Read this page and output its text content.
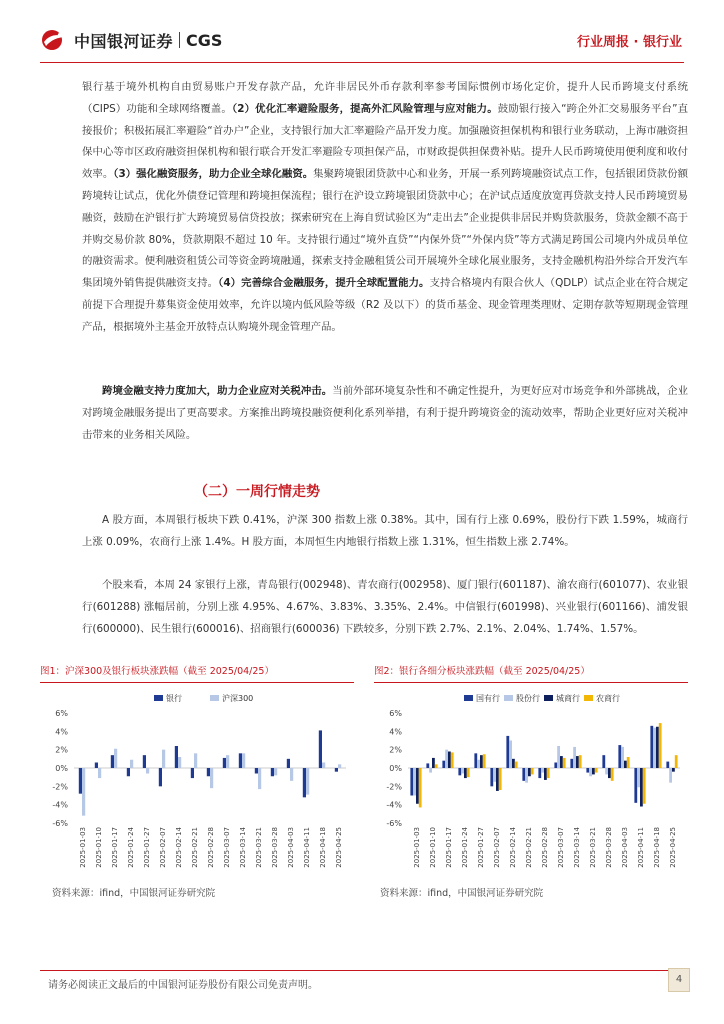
中国银河证券 CGS	行业周报 · 银行业

银行基于境外机构自由贸易账户开发存款产品，允许非居民外币存款利率参考国际惯例市场化定价，提升人民币跨境支付系统（CIPS）功能和全球网络覆盖。（2）优化汇率避险服务，提高外汇风险管理与应对能力。鼓励银行接入“跨企外汇交易服务平台”直接报价；积极拓展汇率避险“首办户”企业，支持银行加大汇率避险产品开发力度。加强融资担保机构和银行业务联动，上海市融资担保中心等市区政府融资担保机构和银行联合开发汇率避险专项担保产品，市财政提供担保费补贴。提升人民币跨境使用便利度和收付效率。（3）强化融资服务，助力企业全球化融资。集聚跨境银团贷款中心和业务，开展一系列跨境融资试点工作，包括银团贷款份额跨境转让试点，优化外债登记管理和跨境担保流程；银行在沪设立跨境银团贷款中心；在沪试点适度放宽再贷款支持人民币跨境贸易融资，鼓励在沪银行扩大跨境贸易信贷投放；探索研究在上海自贸试验区为“走出去”企业提供非居民并购贷款服务，贷款金额不高于并购交易价款 80%，贷款期限不超过 10 年。支持银行通过“境外直贷”“内保外贷”“外保内贷”等方式满足跨国公司境内外成员单位的融资需求。便利融资租赁公司等资金跨境融通，探索支持金融租赁公司开展境外全球化展业服务，支持金融机构沿外综合开发汽车集团境外销售提供融资支持。（4）完善综合金融服务，提升全球配置能力。支持合格境内有限合伙人（QDLP）试点企业在符合规定前提下合理提升募集资金使用效率，允许以境内低风险等级（R2 及以下）的货币基金、现金管理类理财、定期存款等短期现金管理产品，根据境外主基金开放特点认购境外现金管理产品。

跨境金融支持力度加大，助力企业应对关税冲击。当前外部环境复杂性和不确定性提升，为更好应对市场竞争和外部挑战，企业对跨境金融服务提出了更高要求。方案推出跨境投融资便利化系列举措，有利于提升跨境资金的流动效率，帮助企业更好应对关税冲击带来的业务相关风险。

（二）一周行情走势

A 股方面，本周银行板块下跌 0.41%，沪深 300 指数上涨 0.38%。其中，国有行上涨 0.69%，股份行下跌 1.59%，城商行上涨 0.09%，农商行上涨 1.4%。H 股方面，本周恒生内地银行指数上涨 1.31%，恒生指数上涨 2.74%。

个股来看，本周 24 家银行上涨，青岛银行(002948)、青农商行(002958)、厦门银行(601187)、渝农商行(601077)、农业银行(601288) 涨幅居前，分别上涨 4.95%、4.67%、3.83%、3.35%、2.4%。中信银行(601998)、兴业银行(601166)、浦发银行(600000)、民生银行(600016)、招商银行(600036) 下跌较多，分别下跌 2.7%、2.1%、2.04%、1.74%、1.57%。

图1：沪深300及银行板块涨跌幅（截至 2025/04/25）
6%
4%
2%
0%
-2%
-4%
-6%
银行	沪深300
2025-01-03 2025-01-10 2025-01-17 2025-01-24 2025-01-27 2025-02-07 2025-02-14 2025-02-21 2025-02-28 2025-03-07 2025-03-14 2025-03-21 2025-03-28 2025-04-03 2025-04-11 2025-04-18 2025-04-25
资料来源：ifind，中国银河证券研究院
图2：银行各细分板块涨跌幅（截至 2025/04/25）
6%
4%
2%
0%
-2%
-4%
-6%
国有行 股份行 城商行 农商行
2025-01-03 2025-01-10 2025-01-17 2025-01-24 2025-01-27 2025-02-07 2025-02-14 2025-02-21 2025-02-28 2025-03-07 2025-03-14 2025-03-21 2025-03-28 2025-04-03 2025-04-11 2025-04-18 2025-04-25
资料来源：ifind，中国银河证券研究院
请务必阅读正文最后的中国银河证券股份有限公司免责声明。
4
